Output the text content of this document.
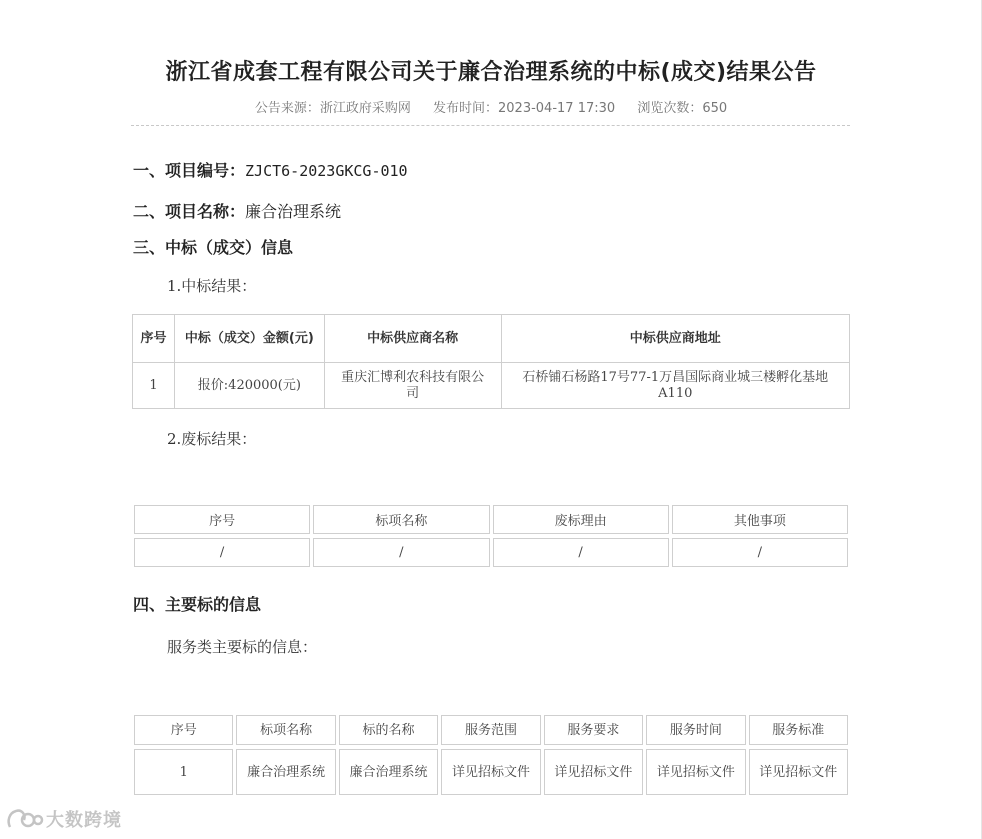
浙江省成套工程有限公司关于廉合治理系统的中标(成交)结果公告
公告来源：浙江政府采购网 发布时间：2023-04-17 17:30 浏览次数：650
一、项目编号：ZJCT6-2023GKCG-010
二、项目名称：廉合治理系统
三、中标（成交）信息
1.中标结果：
序号	中标（成交）金额(元)	中标供应商名称	中标供应商地址
1	报价:420000(元)	重庆汇博利农科技有限公司	石桥铺石杨路17号77-1万昌国际商业城三楼孵化基地A110
2.废标结果：
序号	标项名称	废标理由	其他事项
/	/	/	/
四、主要标的信息
服务类主要标的信息：
序号	标项名称	标的名称	服务范围	服务要求	服务时间	服务标准
1	廉合治理系统	廉合治理系统	详见招标文件	详见招标文件	详见招标文件	详见招标文件
大数跨境
